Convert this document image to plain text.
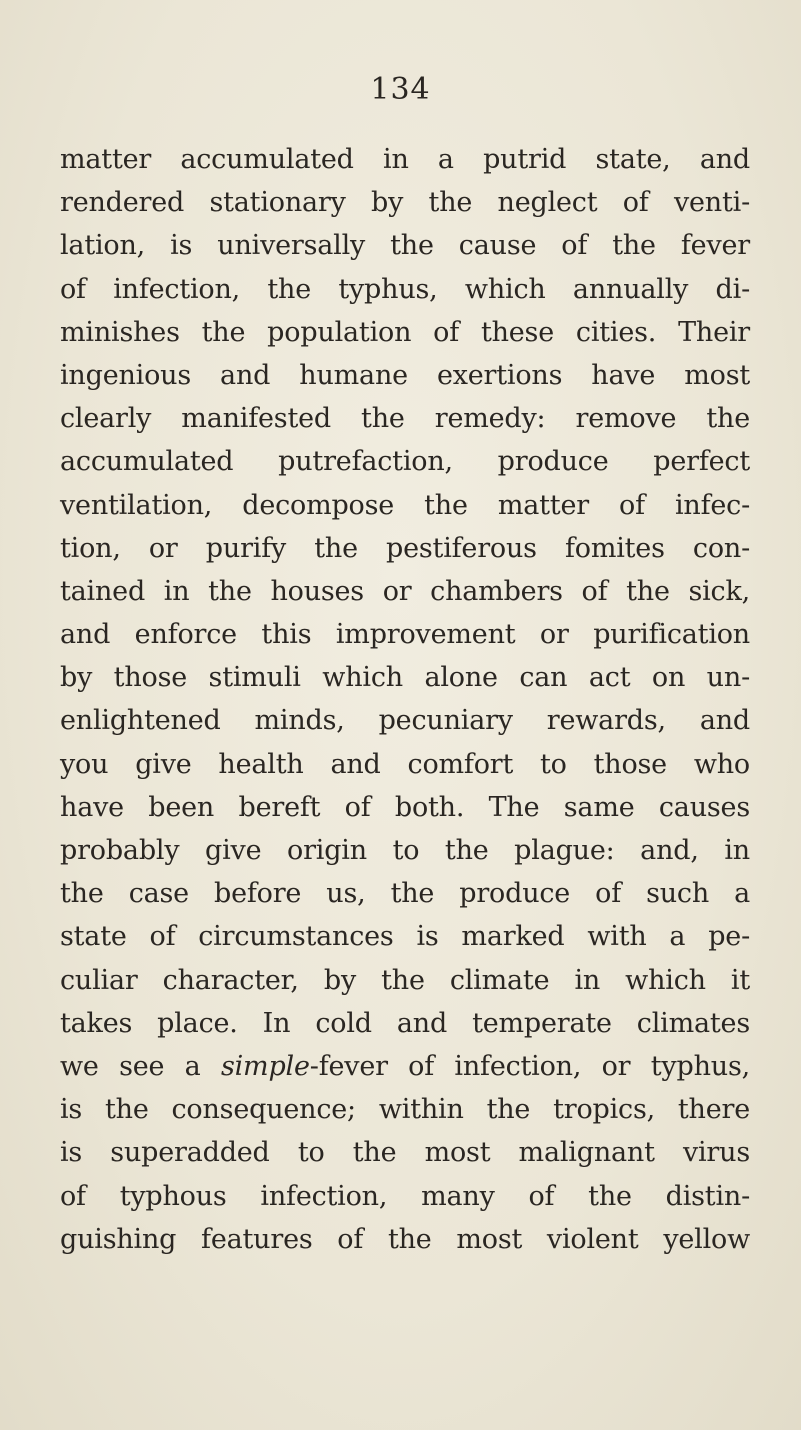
134
matter accumulated in a putrid state, and
rendered stationary by the neglect of venti-
lation, is universally the cause of the fever
of infection, the typhus, which annually di-
minishes the population of these cities. Their
ingenious and humane exertions have most
clearly manifested the remedy: remove the
accumulated putrefaction, produce perfect
ventilation, decompose the matter of infec-
tion, or purify the pestiferous fomites con-
tained in the houses or chambers of the sick,
and enforce this improvement or purification
by those stimuli which alone can act on un-
enlightened minds, pecuniary rewards, and
you give health and comfort to those who
have been bereft of both. The same causes
probably give origin to the plague: and, in
the case before us, the produce of such a
state of circumstances is marked with a pe-
culiar character, by the climate in which it
takes place. In cold and temperate climates
we see a simple-fever of infection, or typhus,
is the consequence; within the tropics, there
is superadded to the most malignant virus
of typhous infection, many of the distin-
guishing features of the most violent yellow
